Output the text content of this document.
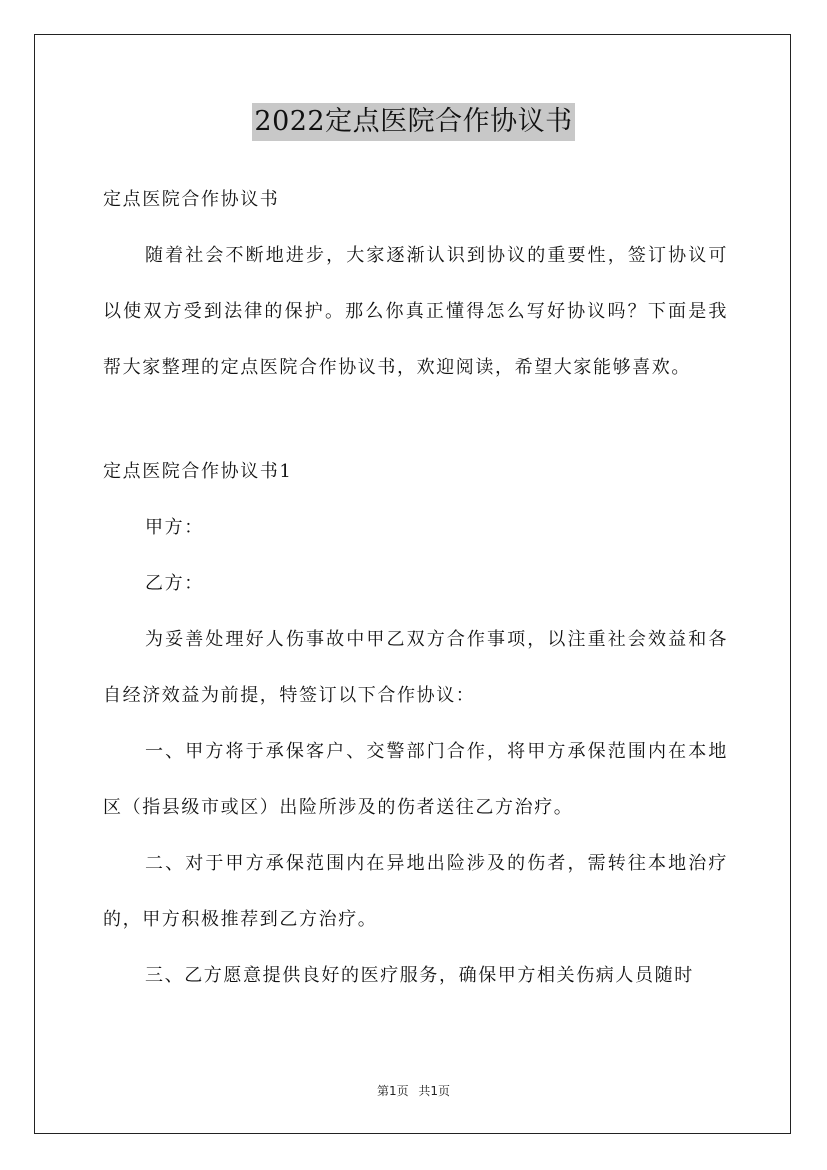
2022定点医院合作协议书

定点医院合作协议书

随着社会不断地进步，大家逐渐认识到协议的重要性，签订协议可以使双方受到法律的保护。那么你真正懂得怎么写好协议吗？下面是我帮大家整理的定点医院合作协议书，欢迎阅读，希望大家能够喜欢。

定点医院合作协议书1

甲方：

乙方：

为妥善处理好人伤事故中甲乙双方合作事项，以注重社会效益和各自经济效益为前提，特签订以下合作协议：

一、甲方将于承保客户、交警部门合作，将甲方承保范围内在本地区（指县级市或区）出险所涉及的伤者送往乙方治疗。

二、对于甲方承保范围内在异地出险涉及的伤者，需转往本地治疗的，甲方积极推荐到乙方治疗。

三、乙方愿意提供良好的医疗服务，确保甲方相关伤病人员随时

第1页 共1页
